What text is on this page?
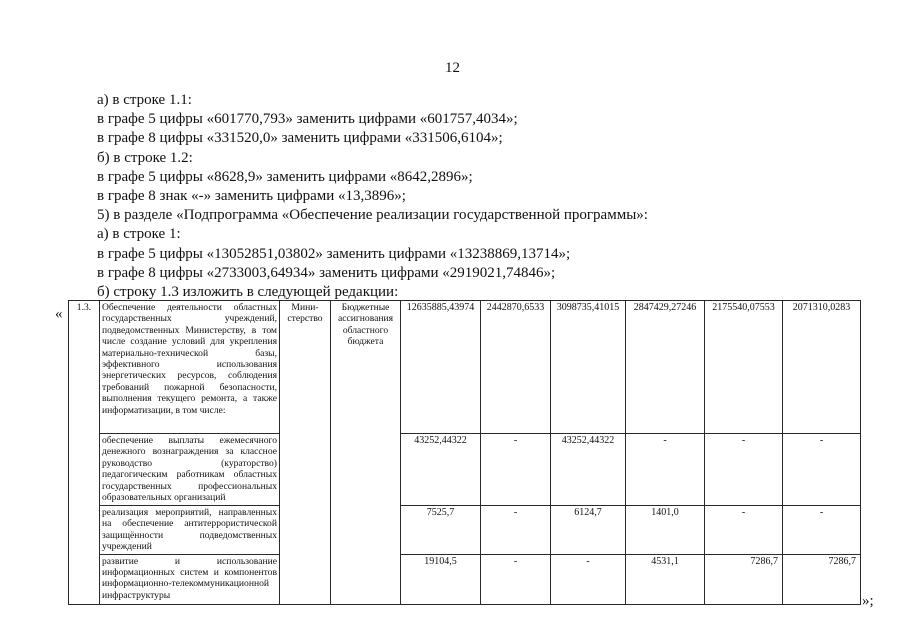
12
а) в строке 1.1:
в графе 5 цифры «601770,793» заменить цифрами «601757,4034»;
в графе 8 цифры «331520,0» заменить цифрами «331506,6104»;
б) в строке 1.2:
в графе 5 цифры «8628,9» заменить цифрами «8642,2896»;
в графе 8 знак «-» заменить цифрами «13,3896»;
5) в разделе «Подпрограмма «Обеспечение реализации государственной программы»:
а) в строке 1:
в графе 5 цифры «13052851,03802» заменить цифрами «13238869,13714»;
в графе 8 цифры «2733003,64934» заменить цифрами «2919021,74846»;
б) строку 1.3 изложить в следующей редакции:
« 1.3.	Обеспечение деятельности областных государственных учреждений, подведомственных Министерству, в том числе создание условий для укрепления материально-технической базы, эффективного использования энергетических ресурсов, соблюдения требований пожарной безопасности, выполнения текущего ремонта, а также информатизации, в том числе:	Мини-стерство	Бюджетные ассигнования областного бюджета	12635885,43974	2442870,6533	3098735,41015	2847429,27246	2175540,07553	2071310,0283
	обеспечение выплаты ежемесячного денежного вознаграждения за классное руководство (кураторство) педагогическим работникам областных государственных профессиональных образовательных организаций			43252,44322	-	43252,44322	-	-	-
	реализация мероприятий, направленных на обеспечение антитеррористической защищённости подведомственных учреждений			7525,7	-	6124,7	1401,0	-	-
	развитие и использование информационных систем и компонентов информационно-телекоммуникационной инфраструктуры			19104,5	-	-	4531,1	7286,7	7286,7
»;
